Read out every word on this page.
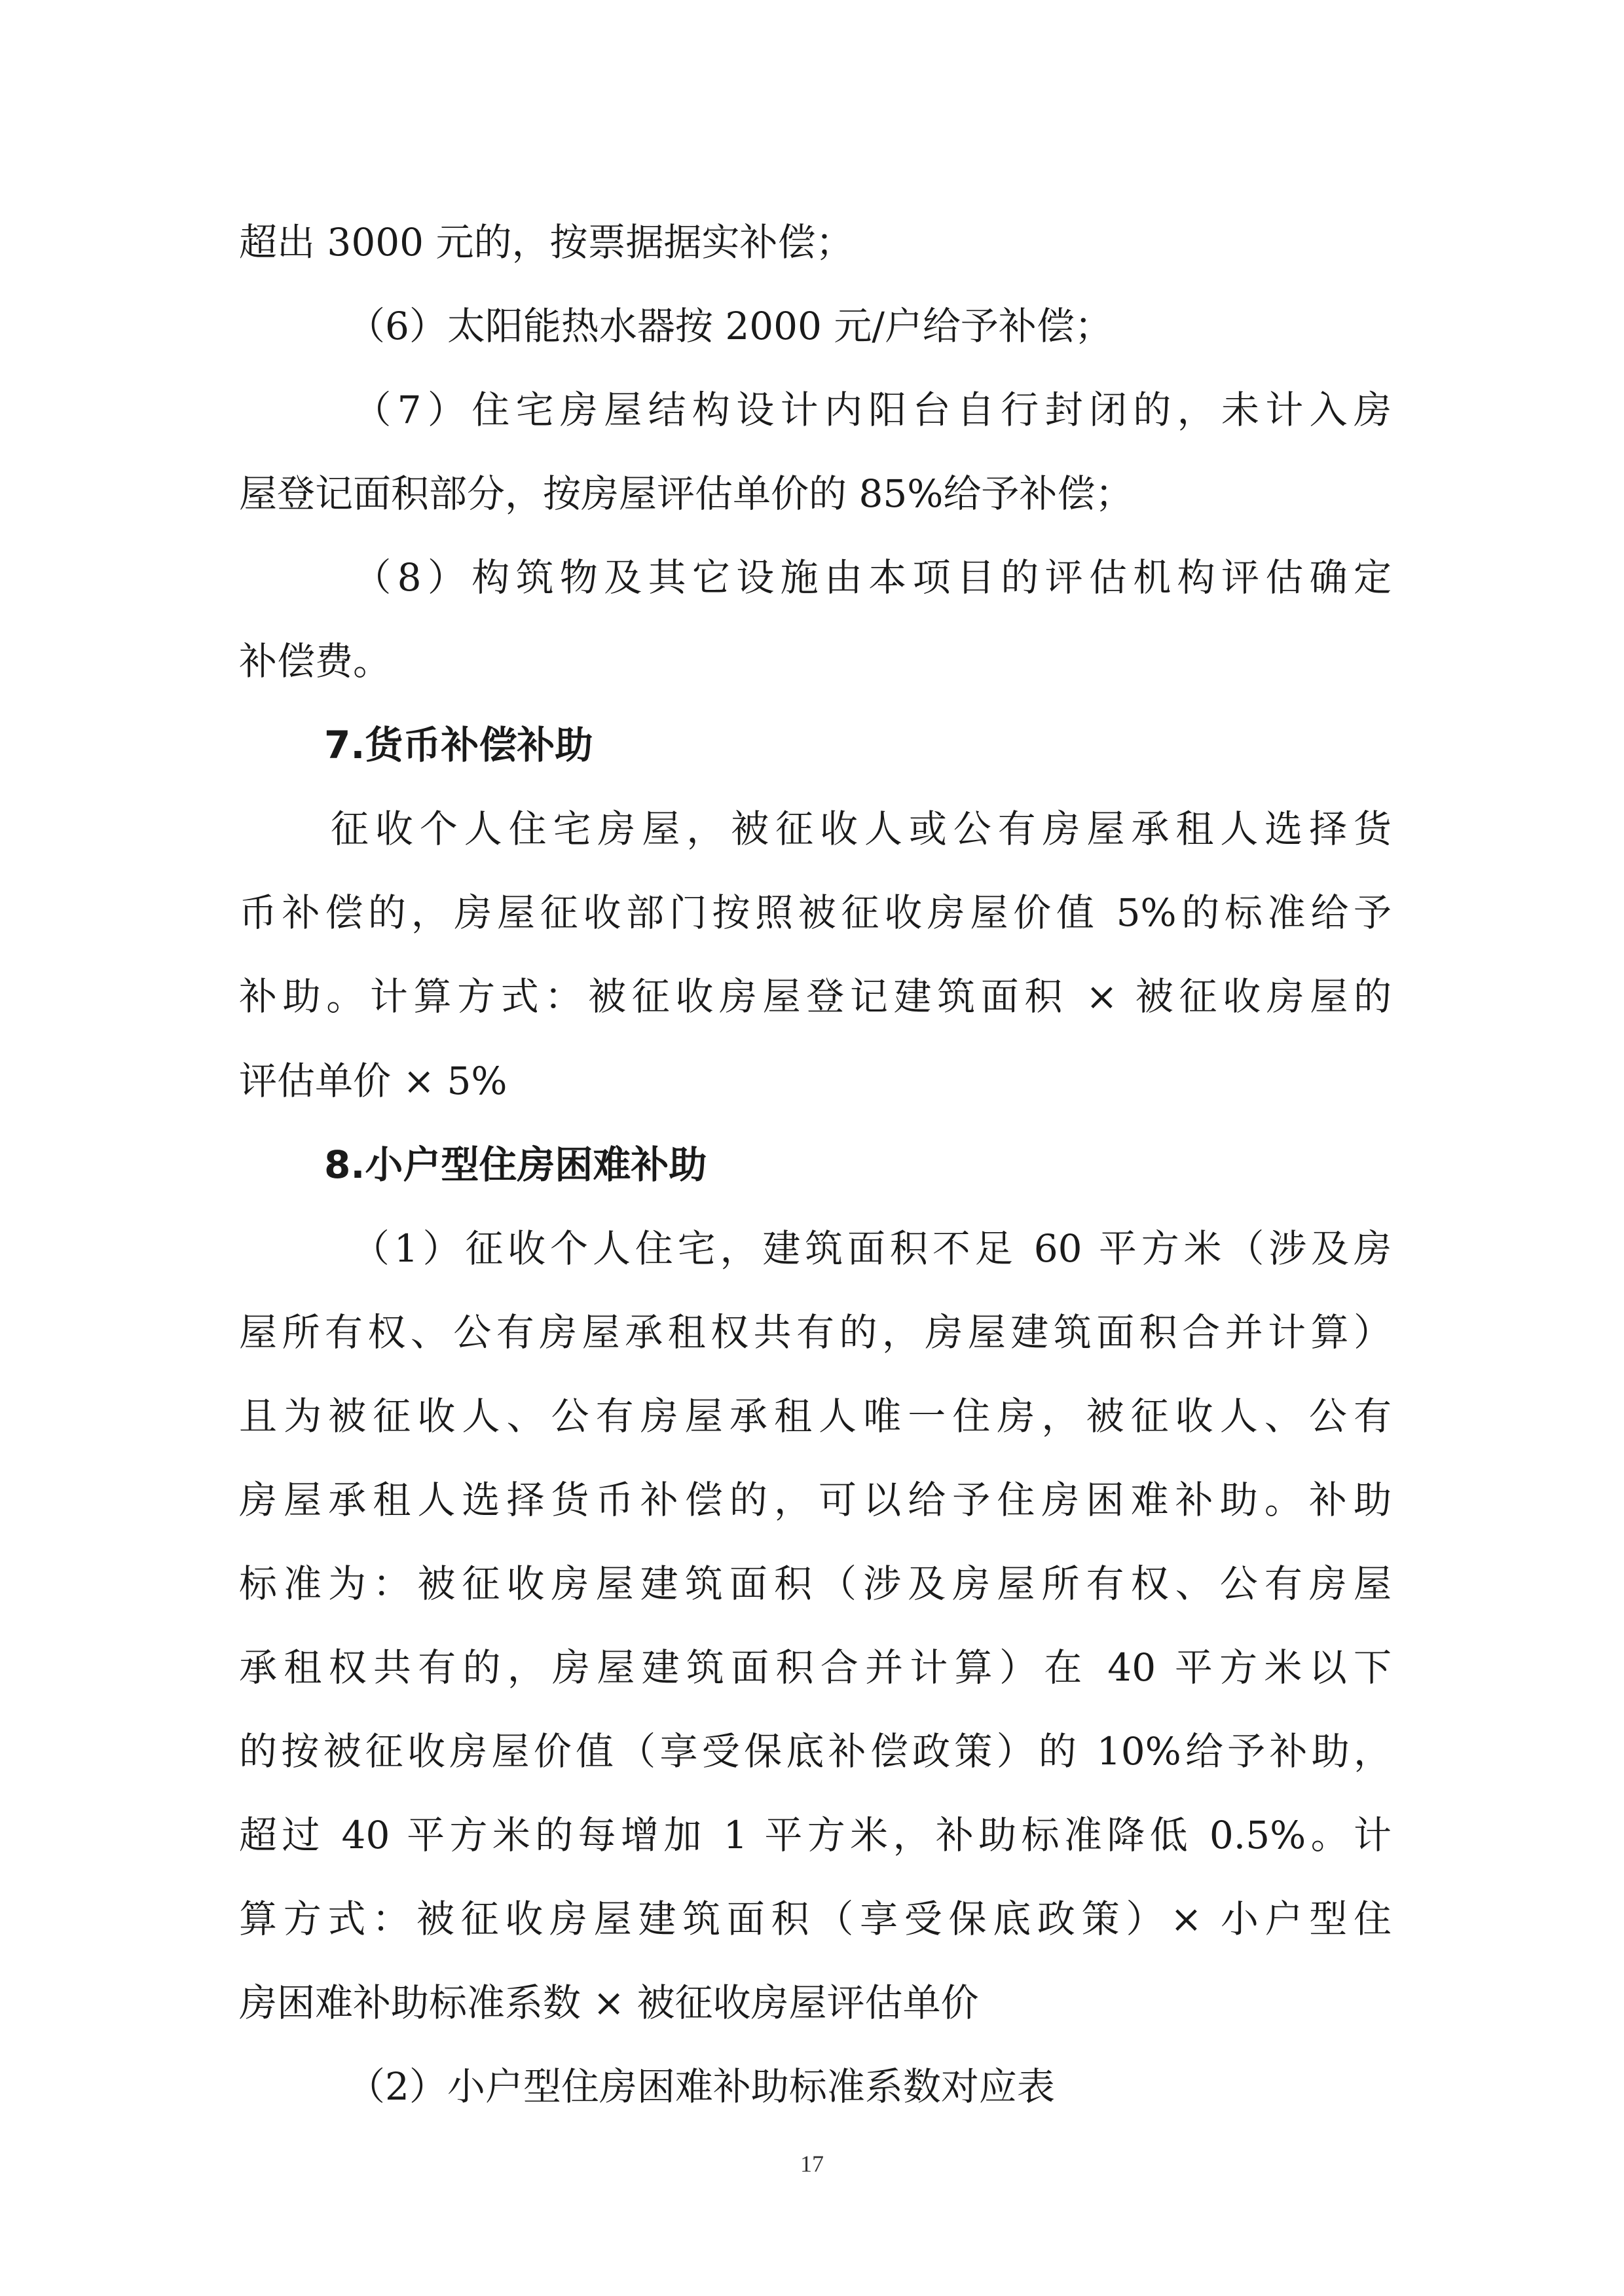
超出 3000 元的，按票据据实补偿；
（6）太阳能热水器按 2000 元/户给予补偿；
（7）住宅房屋结构设计内阳台自行封闭的，未计入房
屋登记面积部分，按房屋评估单价的 85%给予补偿；
（8）构筑物及其它设施由本项目的评估机构评估确定
补偿费。
7.货币补偿补助
征收个人住宅房屋，被征收人或公有房屋承租人选择货
币补偿的，房屋征收部门按照被征收房屋价值 5%的标准给予
补助。计算方式：被征收房屋登记建筑面积 × 被征收房屋的
评估单价 × 5%
8.小户型住房困难补助
（1）征收个人住宅，建筑面积不足 60 平方米（涉及房
屋所有权、公有房屋承租权共有的，房屋建筑面积合并计算）
且为被征收人、公有房屋承租人唯一住房，被征收人、公有
房屋承租人选择货币补偿的，可以给予住房困难补助。补助
标准为：被征收房屋建筑面积（涉及房屋所有权、公有房屋
承租权共有的，房屋建筑面积合并计算）在 40 平方米以下
的按被征收房屋价值（享受保底补偿政策）的 10%给予补助，
超过 40 平方米的每增加 1 平方米，补助标准降低 0.5%。计
算方式：被征收房屋建筑面积（享受保底政策）× 小户型住
房困难补助标准系数 × 被征收房屋评估单价
17
（2）小户型住房困难补助标准系数对应表
